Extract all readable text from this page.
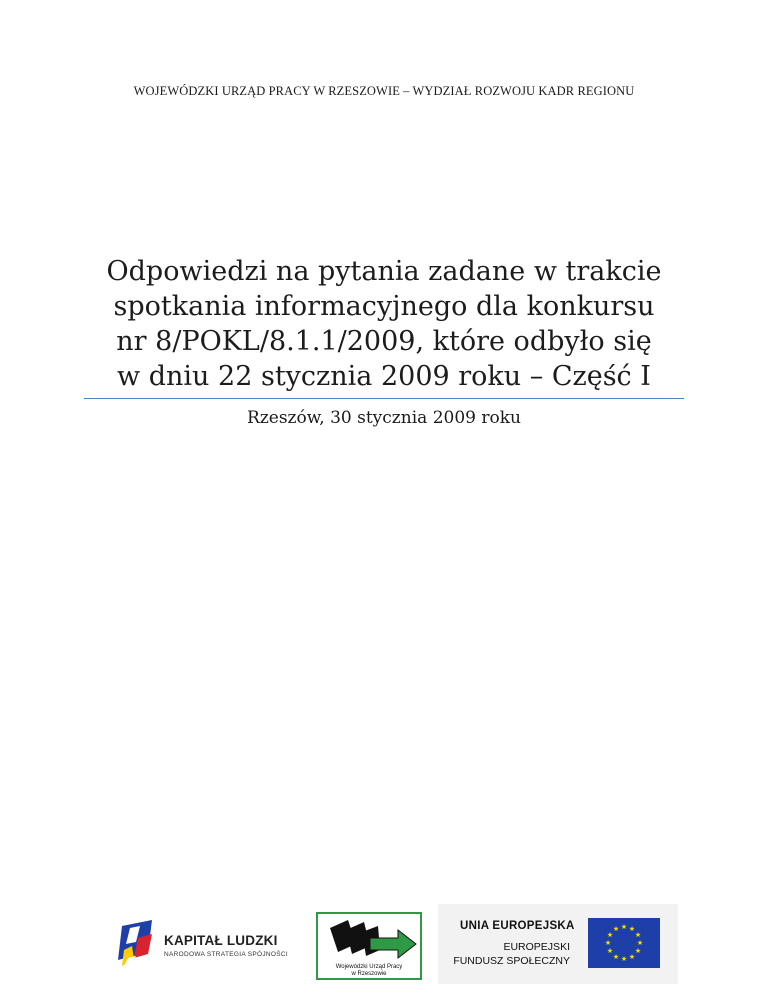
WOJEWÓDZKI URZĄD PRACY W RZESZOWIE – WYDZIAŁ ROZWOJU KADR REGIONU
Odpowiedzi na pytania zadane w trakcie
spotkania informacyjnego dla konkursu
nr 8/POKL/8.1.1/2009, które odbyło się
w dniu 22 stycznia 2009 roku – Część I
Rzeszów, 30 stycznia 2009 roku
KAPITAŁ LUDZKI
NARODOWA STRATEGIA SPÓJNOŚCI
Wojewódzki Urząd Pracy
w Rzeszowie
UNIA EUROPEJSKA
EUROPEJSKI
FUNDUSZ SPOŁECZNY
★ ★
★
★
★
★
★
★
★
★
★
★
